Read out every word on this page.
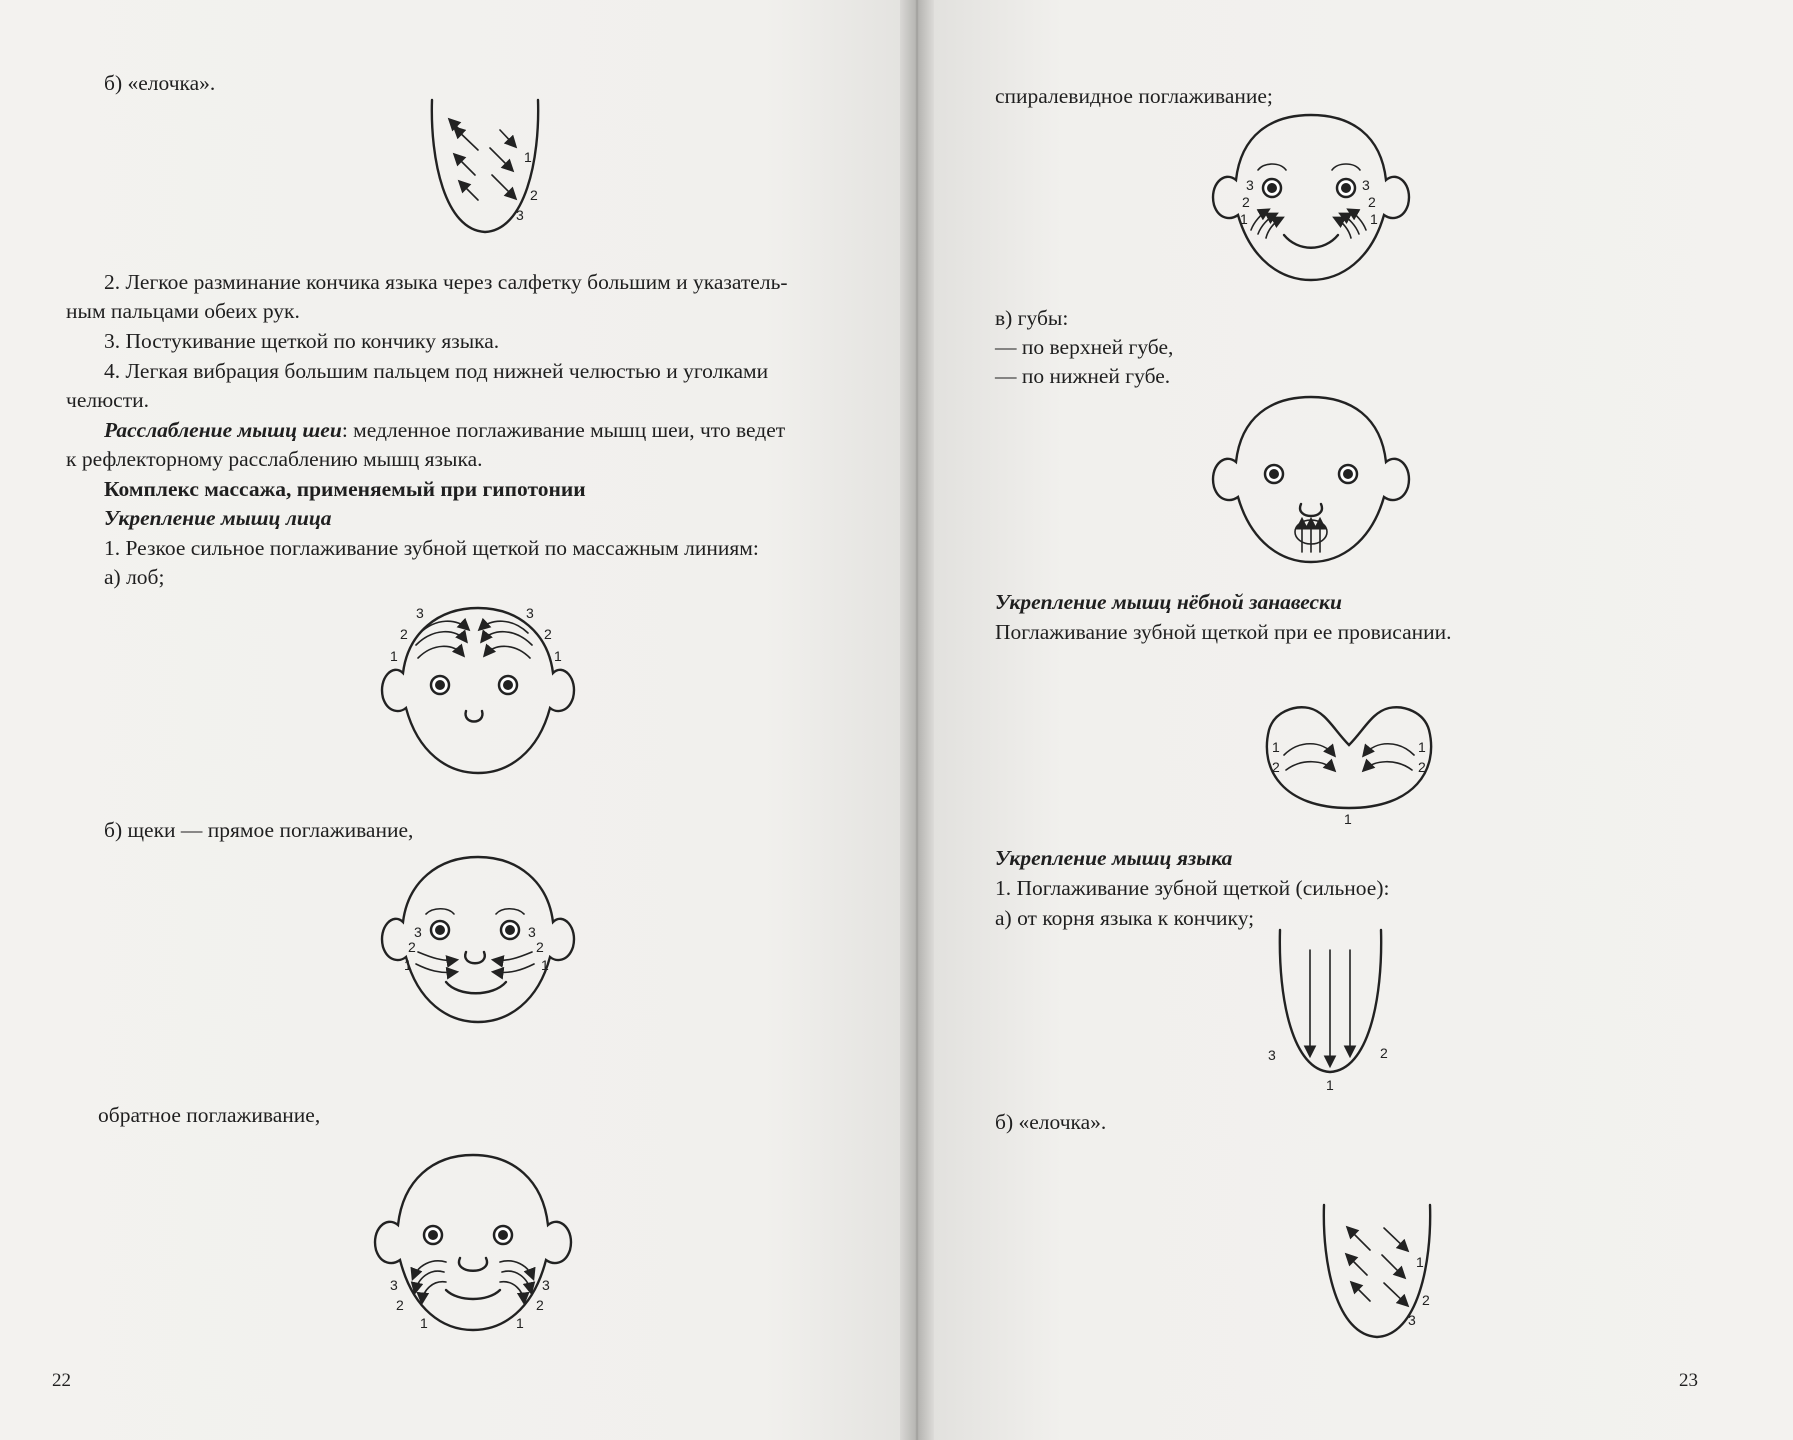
б) «елочка».

1
2
3

2. Легкое разминание кончика языка через салфетку большим и указатель-

ным пальцами обеих рук.

3. Постукивание щеткой по кончику языка.

4. Легкая вибрация большим пальцем под нижней челюстью и уголками

челюсти.

Расслабление мышц шеи: медленное поглаживание мышц шеи, что ведет

к рефлекторному расслаблению мышц языка.

Комплекс массажа, применяемый при гипотонии

Укрепление мышц лица

1. Резкое сильное поглаживание зубной щеткой по массажным линиям:

а) лоб;

3
2
1
3
2
1

б) щеки — прямое поглаживание,

3
2
1
3
2
1

обратное поглаживание,

3
2
1
3
2
1
22

спиралевидное поглаживание;

3
2
1
3
2
1

в) губы:

— по верхней губе,

— по нижней губе.

Укрепление мышц нёбной занавески

Поглаживание зубной щеткой при ее провисании.

1
2
1
2
1

Укрепление мышц языка

1. Поглаживание зубной щеткой (сильное):

а) от корня языка к кончику;

3	2
1

б) «елочка».

1
2
3
23
